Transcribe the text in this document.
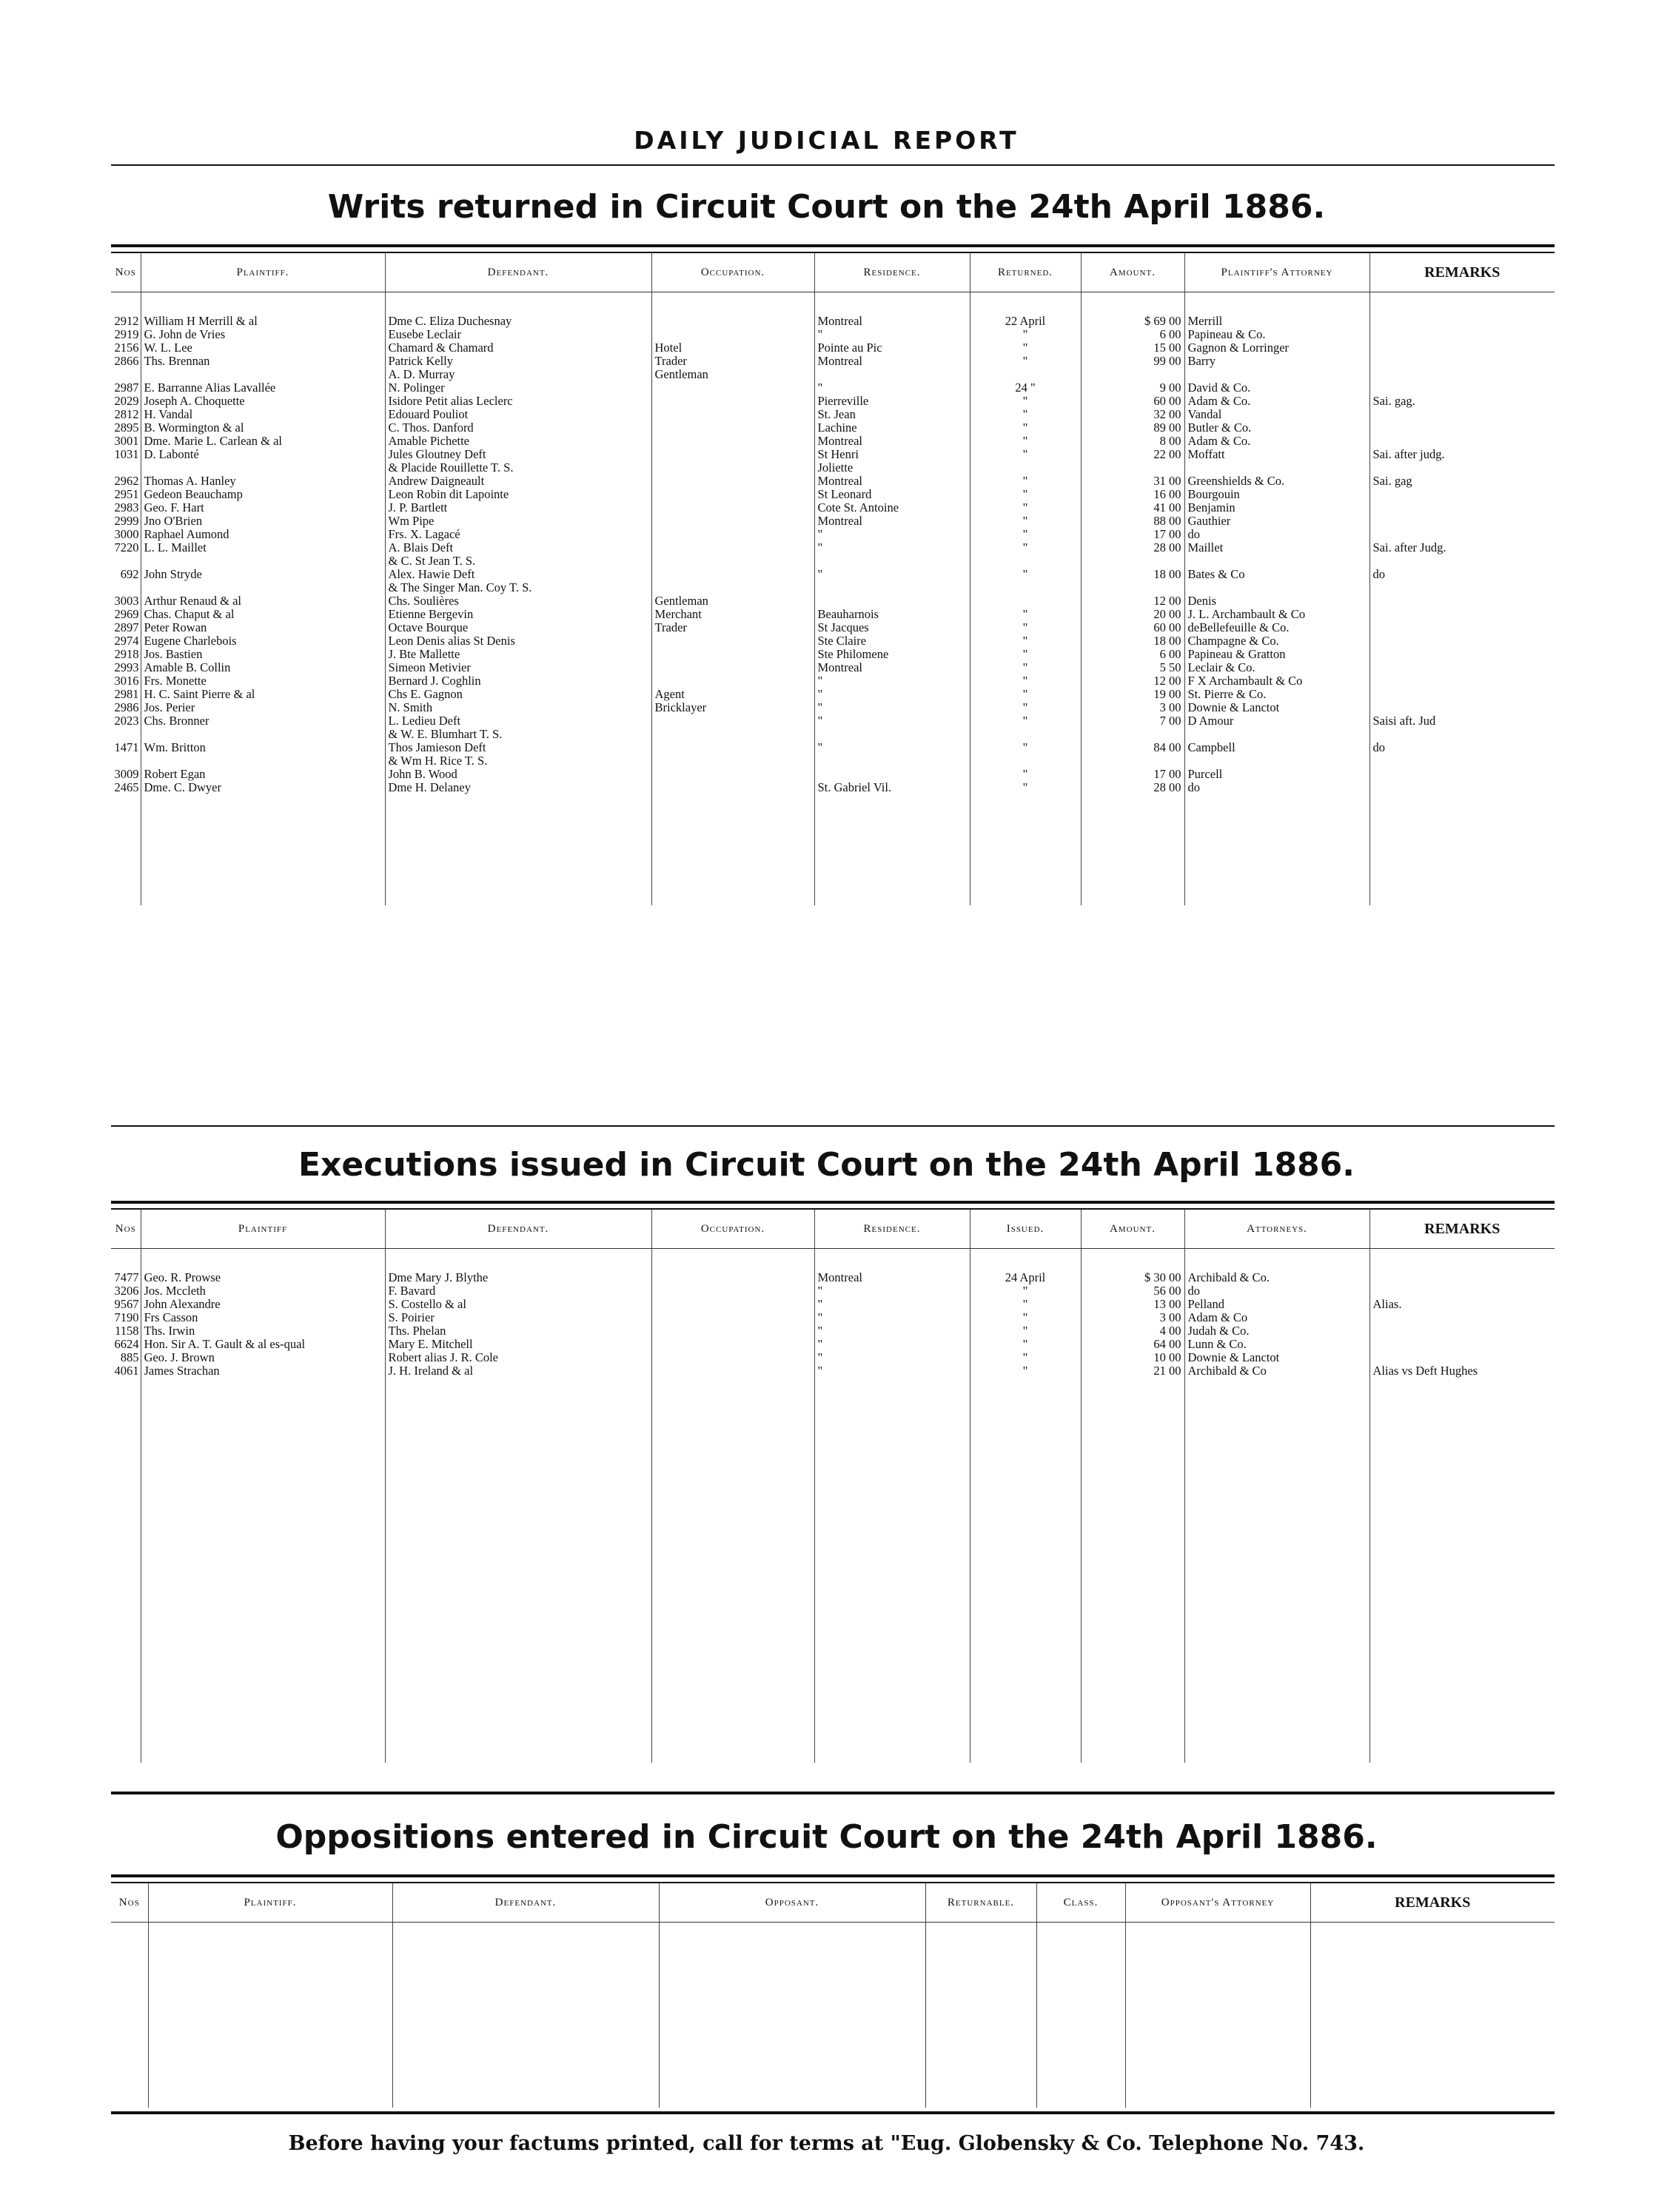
DAILY JUDICIAL REPORT
Writs returned in Circuit Court on the 24th April 1886.
Nos	Plaintiff.	Defendant.	Occupation.	Residence.	Returned.	Amount.	Plaintiff's Attorney	REMARKS
2912	William H Merrill & al	Dme C. Eliza Duchesnay		Montreal	22 April	$ 69 00	Merrill	
2919	G. John de Vries	Eusebe Leclair		"	"	6 00	Papineau & Co.	
2156	W. L. Lee	Chamard & Chamard	Hotel	Pointe au Pic	"	15 00	Gagnon & Lorringer	
2866	Ths. Brennan	Patrick Kelly	Trader	Montreal	"	99 00	Barry	
		A. D. Murray	Gentleman					
2987	E. Barranne Alias Lavallée	N. Polinger		"	24 "	9 00	David & Co.	
2029	Joseph A. Choquette	Isidore Petit alias Leclerc		Pierreville	"	60 00	Adam & Co.	Sai. gag.
2812	H. Vandal	Edouard Pouliot		St. Jean	"	32 00	Vandal	
2895	B. Wormington & al	C. Thos. Danford		Lachine	"	89 00	Butler & Co.	
3001	Dme. Marie L. Carlean & al	Amable Pichette		Montreal	"	8 00	Adam & Co.	
1031	D. Labonté	Jules Gloutney Deft		St Henri	"	22 00	Moffatt	Sai. after judg.
		& Placide Rouillette T. S.		Joliette				
2962	Thomas A. Hanley	Andrew Daigneault		Montreal	"	31 00	Greenshields & Co.	Sai. gag
2951	Gedeon Beauchamp	Leon Robin dit Lapointe		St Leonard	"	16 00	Bourgouin	
2983	Geo. F. Hart	J. P. Bartlett		Cote St. Antoine	"	41 00	Benjamin	
2999	Jno O'Brien	Wm Pipe		Montreal	"	88 00	Gauthier	
3000	Raphael Aumond	Frs. X. Lagacé		"	"	17 00	do	
7220	L. L. Maillet	A. Blais Deft		"	"	28 00	Maillet	Sai. after Judg.
		& C. St Jean T. S.						
692	John Stryde	Alex. Hawie Deft		"	"	18 00	Bates & Co	do
		& The Singer Man. Coy T. S.						
3003	Arthur Renaud & al	Chs. Soulières	Gentleman			12 00	Denis	
2969	Chas. Chaput & al	Etienne Bergevin	Merchant	Beauharnois	"	20 00	J. L. Archambault & Co	
2897	Peter Rowan	Octave Bourque	Trader	St Jacques	"	60 00	deBellefeuille & Co.	
2974	Eugene Charlebois	Leon Denis alias St Denis		Ste Claire	"	18 00	Champagne & Co.	
2918	Jos. Bastien	J. Bte Mallette		Ste Philomene	"	6 00	Papineau & Gratton	
2993	Amable B. Collin	Simeon Metivier		Montreal	"	5 50	Leclair & Co.	
3016	Frs. Monette	Bernard J. Coghlin		"	"	12 00	F X Archambault & Co	
2981	H. C. Saint Pierre & al	Chs E. Gagnon	Agent	"	"	19 00	St. Pierre & Co.	
2986	Jos. Perier	N. Smith	Bricklayer	"	"	3 00	Downie & Lanctot	
2023	Chs. Bronner	L. Ledieu Deft		"	"	7 00	D Amour	Saisi aft. Jud
		& W. E. Blumhart T. S.						
1471	Wm. Britton	Thos Jamieson Deft		"	"	84 00	Campbell	do
		& Wm H. Rice T. S.						
3009	Robert Egan	John B. Wood			"	17 00	Purcell	
2465	Dme. C. Dwyer	Dme H. Delaney		St. Gabriel Vil.	"	28 00	do	

Executions issued in Circuit Court on the 24th April 1886.
Nos	Plaintiff	Defendant.	Occupation.	Residence.	Issued.	Amount.	Attorneys.	REMARKS
7477	Geo. R. Prowse	Dme Mary J. Blythe		Montreal	24 April	$ 30 00	Archibald & Co.	
3206	Jos. Mccleth	F. Bavard		"	"	56 00	do	
9567	John Alexandre	S. Costello & al		"	"	13 00	Pelland	Alias.
7190	Frs Casson	S. Poirier		"	"	3 00	Adam & Co	
1158	Ths. Irwin	Ths. Phelan		"	"	4 00	Judah & Co.	
6624	Hon. Sir A. T. Gault & al es-qual	Mary E. Mitchell		"	"	64 00	Lunn & Co.	
885	Geo. J. Brown	Robert alias J. R. Cole		"	"	10 00	Downie & Lanctot	
4061	James Strachan	J. H. Ireland & al		"	"	21 00	Archibald & Co	Alias vs Deft Hughes

Oppositions entered in Circuit Court on the 24th April 1886.
Nos	Plaintiff.	Defendant.	Opposant.	Returnable.	Class.	Opposant's Attorney	REMARKS

Before having your factums printed, call for terms at "Eug. Globensky & Co. Telephone No. 743.
